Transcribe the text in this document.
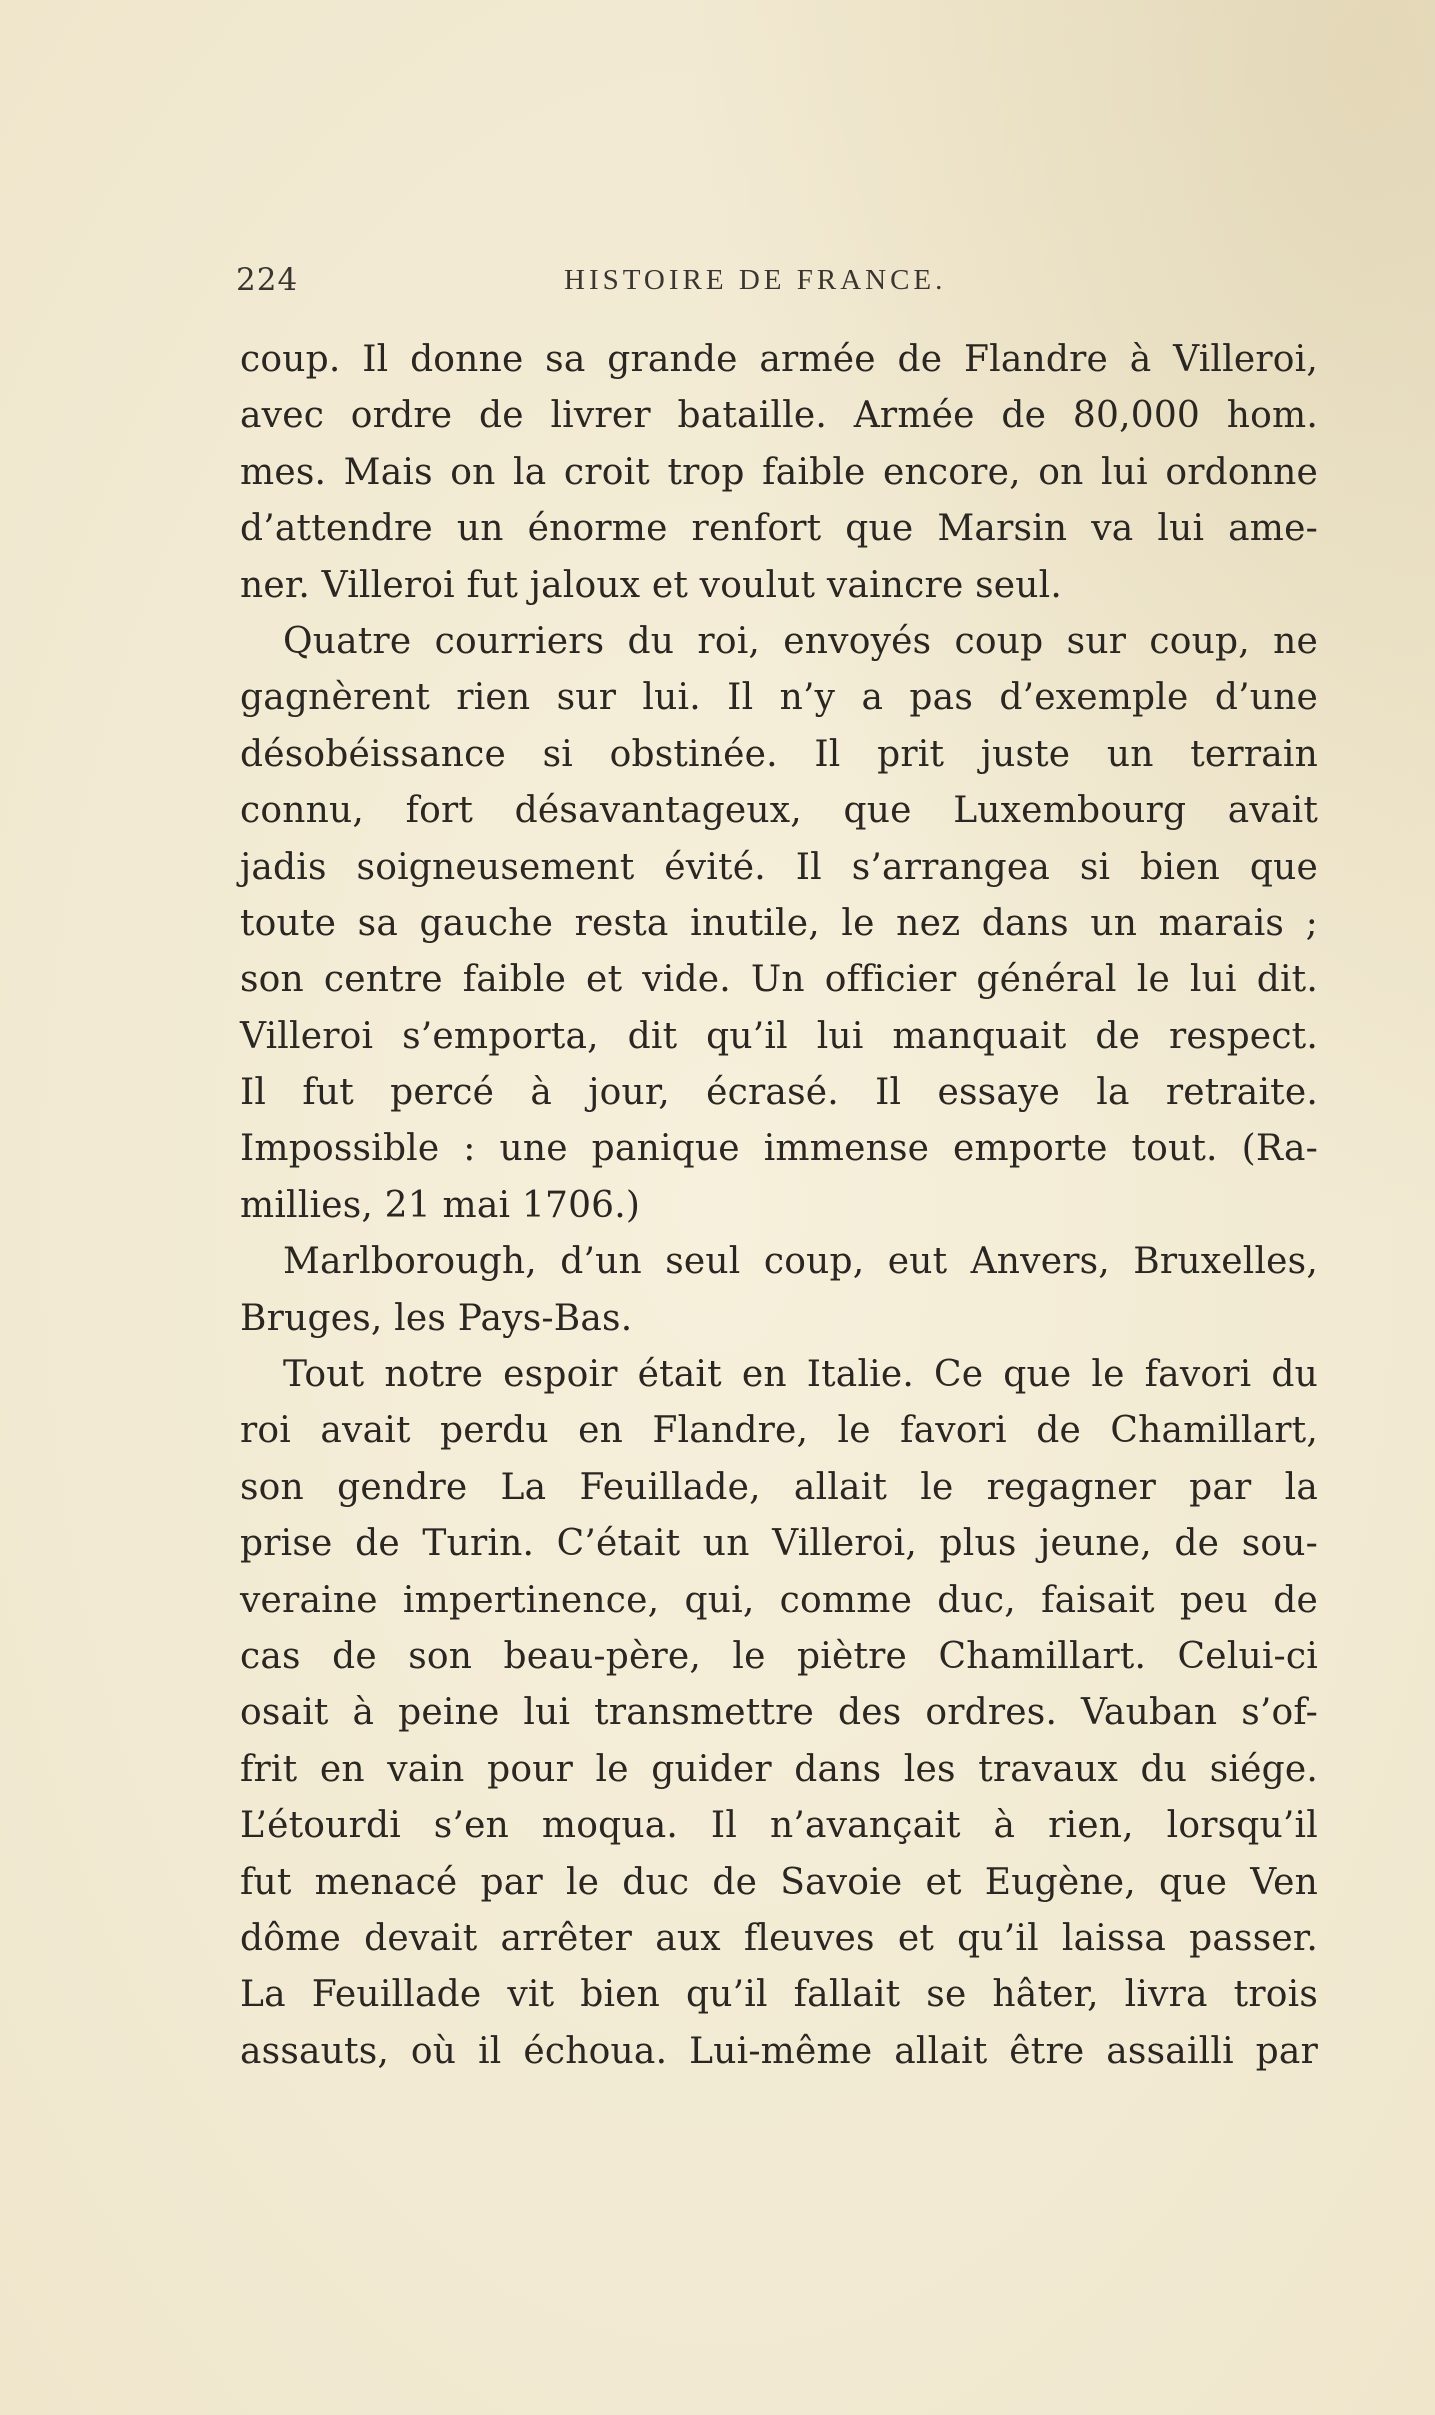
224	HISTOIRE DE FRANCE.
coup. Il donne sa grande armée de Flandre à Villeroi,
avec ordre de livrer bataille. Armée de 80,000 hom.
mes. Mais on la croit trop faible encore, on lui ordonne
d’attendre un énorme renfort que Marsin va lui ame-
ner. Villeroi fut jaloux et voulut vaincre seul.
Quatre courriers du roi, envoyés coup sur coup, ne
gagnèrent rien sur lui. Il n’y a pas d’exemple d’une
désobéissance si obstinée. Il prit juste un terrain
connu, fort désavantageux, que Luxembourg avait
jadis soigneusement évité. Il s’arrangea si bien que
toute sa gauche resta inutile, le nez dans un marais ;
son centre faible et vide. Un officier général le lui dit.
Villeroi s’emporta, dit qu’il lui manquait de respect.
Il fut percé à jour, écrasé. Il essaye la retraite.
Impossible : une panique immense emporte tout. (Ra-
millies, 21 mai 1706.)
Marlborough, d’un seul coup, eut Anvers, Bruxelles,
Bruges, les Pays-Bas.
Tout notre espoir était en Italie. Ce que le favori du
roi avait perdu en Flandre, le favori de Chamillart,
son gendre La Feuillade, allait le regagner par la
prise de Turin. C’était un Villeroi, plus jeune, de sou-
veraine impertinence, qui, comme duc, faisait peu de
cas de son beau-père, le piètre Chamillart. Celui-ci
osait à peine lui transmettre des ordres. Vauban s’of-
frit en vain pour le guider dans les travaux du siége.
L’étourdi s’en moqua. Il n’avançait à rien, lorsqu’il
fut menacé par le duc de Savoie et Eugène, que Ven
dôme devait arrêter aux fleuves et qu’il laissa passer.
La Feuillade vit bien qu’il fallait se hâter, livra trois
assauts, où il échoua. Lui-même allait être assailli par
